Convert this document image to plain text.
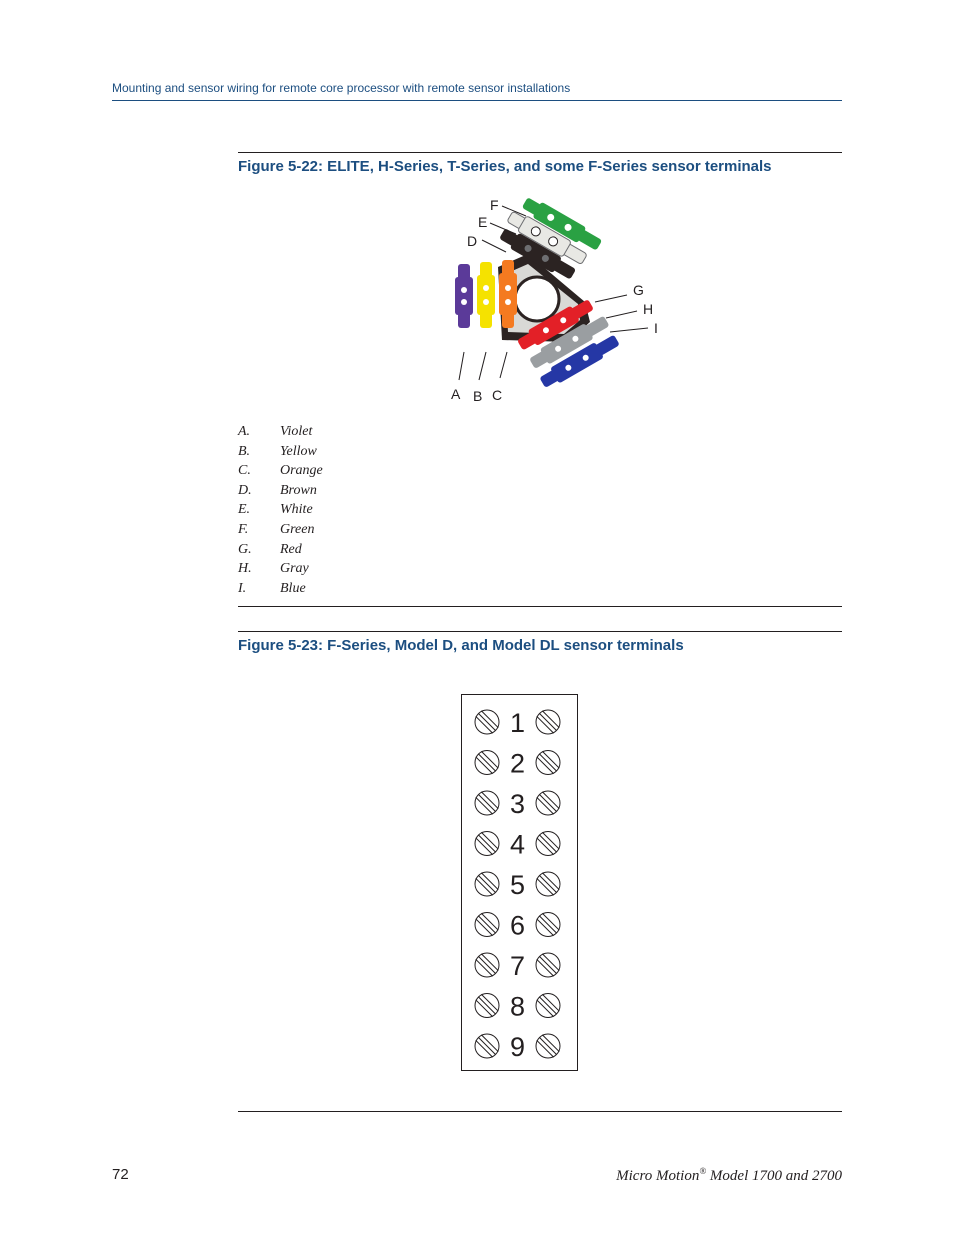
Mounting and sensor wiring for remote core processor with remote sensor installations
Figure 5-22: ELITE, H-Series, T-Series, and some F-Series sensor terminals
F
E
D
A B C
G
H
I
A. Violet
B. Yellow
C. Orange
D. Brown
E. White
F. Green
G. Red
H. Gray
I. Blue
Figure 5-23: F-Series, Model D, and Model DL sensor terminals
1
2
3
4
5
6
7
8
9
72	Micro Motion® Model 1700 and 2700
